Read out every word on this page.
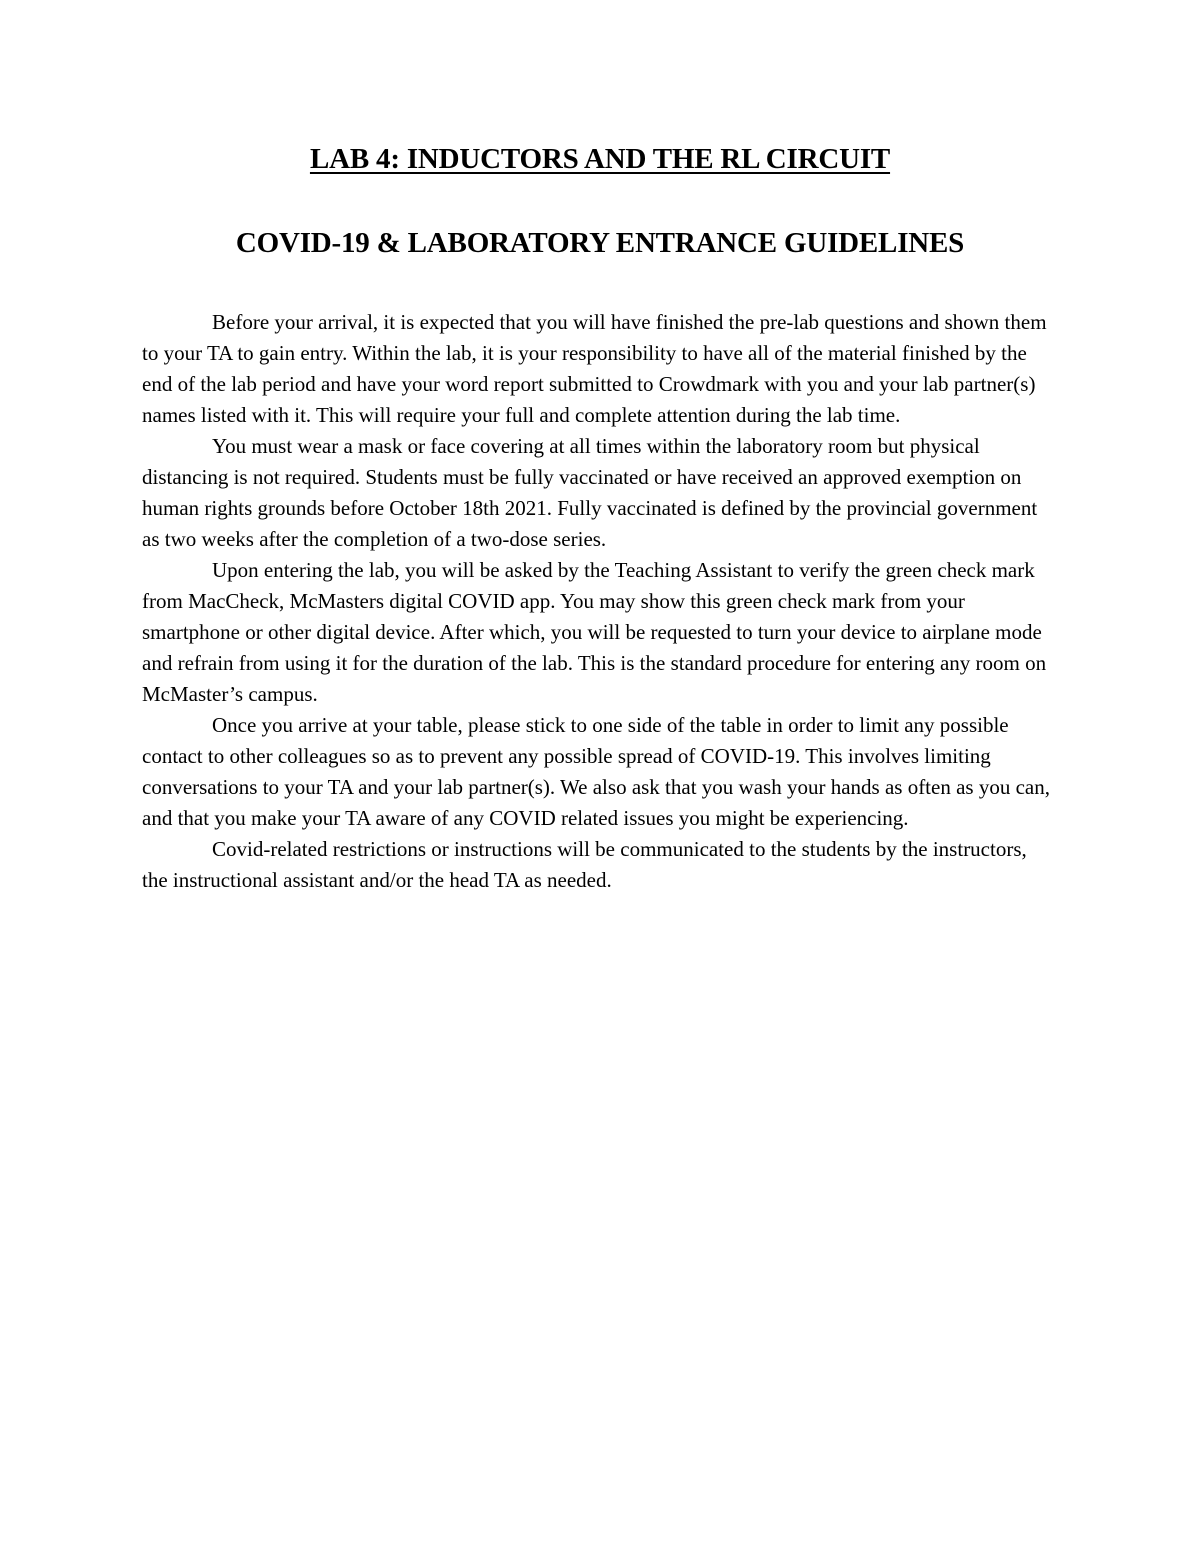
LAB 4: INDUCTORS AND THE RL CIRCUIT
COVID-19 & LABORATORY ENTRANCE GUIDELINES

Before your arrival, it is expected that you will have finished the pre-lab questions and shown them to your TA to gain entry. Within the lab, it is your responsibility to have all of the material finished by the end of the lab period and have your word report submitted to Crowdmark with you and your lab partner(s) names listed with it. This will require your full and complete attention during the lab time.

You must wear a mask or face covering at all times within the laboratory room but physical distancing is not required. Students must be fully vaccinated or have received an approved exemption on human rights grounds before October 18th 2021. Fully vaccinated is defined by the provincial government as two weeks after the completion of a two-dose series.

Upon entering the lab, you will be asked by the Teaching Assistant to verify the green check mark from MacCheck, McMasters digital COVID app. You may show this green check mark from your smartphone or other digital device. After which, you will be requested to turn your device to airplane mode and refrain from using it for the duration of the lab. This is the standard procedure for entering any room on McMaster’s campus.

Once you arrive at your table, please stick to one side of the table in order to limit any possible contact to other colleagues so as to prevent any possible spread of COVID-19. This involves limiting conversations to your TA and your lab partner(s). We also ask that you wash your hands as often as you can, and that you make your TA aware of any COVID related issues you might be experiencing.

Covid-related restrictions or instructions will be communicated to the students by the instructors, the instructional assistant and/or the head TA as needed.
